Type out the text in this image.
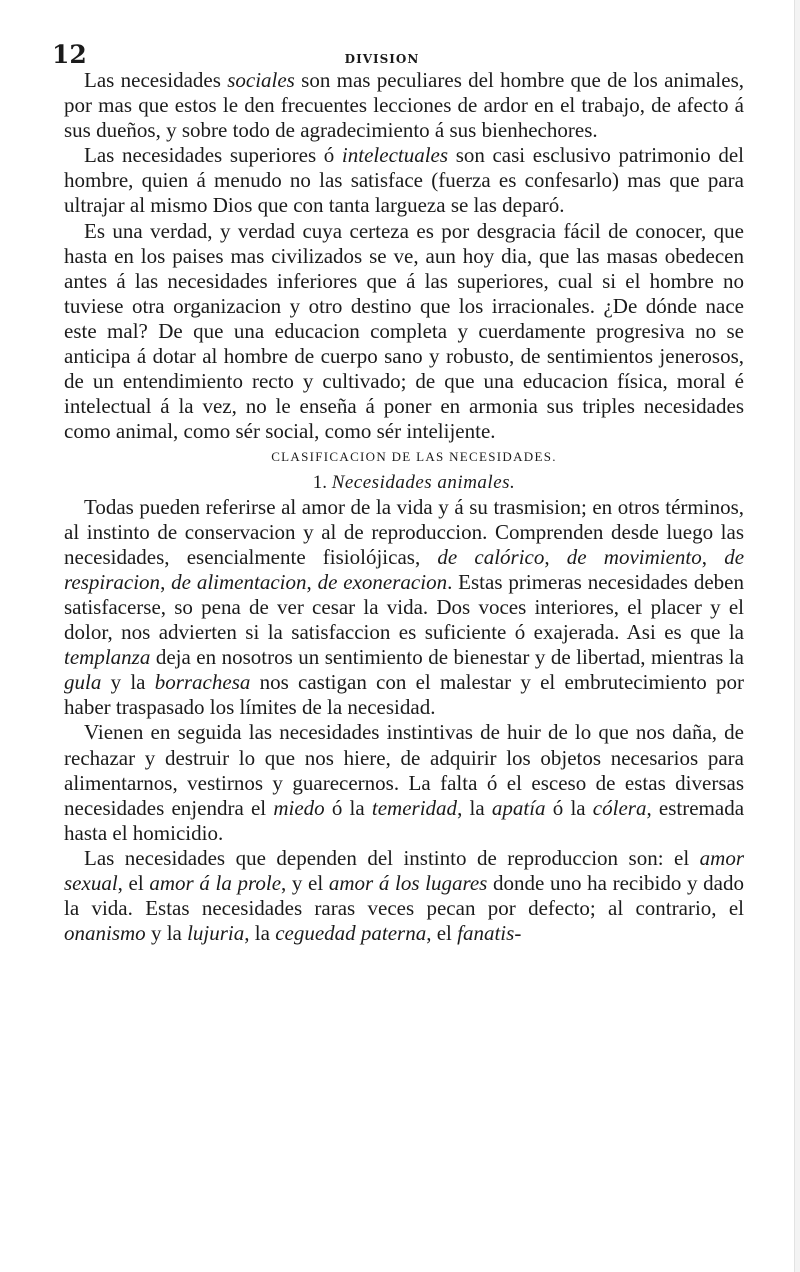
12	DIVISION

Las necesidades sociales son mas peculiares del hombre que de los animales, por mas que estos le den frecuentes lecciones de ardor en el trabajo, de afecto á sus dueños, y sobre todo de agradecimiento á sus bienhechores.

Las necesidades superiores ó intelectuales son casi esclusivo patrimonio del hombre, quien á menudo no las satisface (fuerza es confesarlo) mas que para ultrajar al mismo Dios que con tanta largueza se las deparó.

Es una verdad, y verdad cuya certeza es por desgracia fácil de conocer, que hasta en los paises mas civilizados se ve, aun hoy dia, que las masas obedecen antes á las necesidades inferiores que á las superiores, cual si el hombre no tuviese otra organizacion y otro destino que los irracionales. ¿De dónde nace este mal? De que una educacion completa y cuerdamente progresiva no se anticipa á dotar al hombre de cuerpo sano y robusto, de sentimientos jenerosos, de un entendimiento recto y cultivado; de que una educacion física, moral é intelectual á la vez, no le enseña á poner en armonia sus triples necesidades como animal, como sér social, como sér intelijente.

CLASIFICACION DE LAS NECESIDADES.

1. Necesidades animales.

Todas pueden referirse al amor de la vida y á su trasmision; en otros términos, al instinto de conservacion y al de reproduccion. Comprenden desde luego las necesidades, esencialmente fisiolójicas, de calórico, de movimiento, de respiracion, de alimentacion, de exoneracion. Estas primeras necesidades deben satisfacerse, so pena de ver cesar la vida. Dos voces interiores, el placer y el dolor, nos advierten si la satisfaccion es suficiente ó exajerada. Asi es que la templanza deja en nosotros un sentimiento de bienestar y de libertad, mientras la gula y la borrachesa nos castigan con el malestar y el embrutecimiento por haber traspasado los límites de la necesidad.

Vienen en seguida las necesidades instintivas de huir de lo que nos daña, de rechazar y destruir lo que nos hiere, de adquirir los objetos necesarios para alimentarnos, vestirnos y guarecernos. La falta ó el esceso de estas diversas necesidades enjendra el miedo ó la temeridad, la apatía ó la cólera, estremada hasta el homicidio.

Las necesidades que dependen del instinto de reproduccion son: el amor sexual, el amor á la prole, y el amor á los lugares donde uno ha recibido y dado la vida. Estas necesidades raras veces pecan por defecto; al contrario, el onanismo y la lujuria, la ceguedad paterna, el fanatis-
